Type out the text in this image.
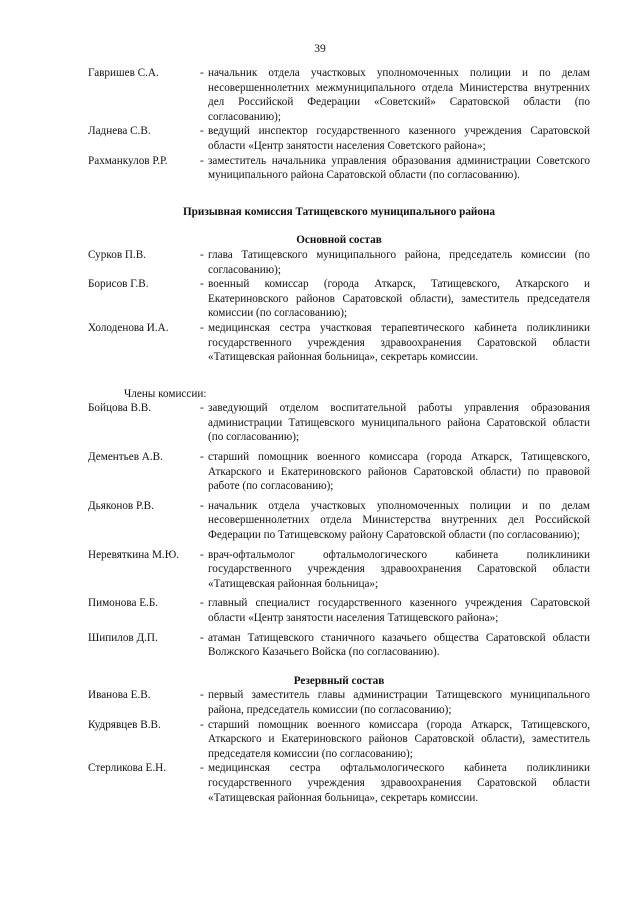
39
Гавришев С.А.	- начальник отдела участковых уполномоченных полиции и по делам несовершеннолетних межмуниципального отдела Министерства внутренних дел Российской Федерации «Советский» Саратовской области (по согласованию);
Ладнева С.В.	- ведущий инспектор государственного казенного учреждения Саратовской области «Центр занятости населения Советского района»;
Рахманкулов Р.Р.	- заместитель начальника управления образования администрации Советского муниципального района Саратовской области (по согласованию).
Призывная комиссия Татищевского муниципального района
Основной состав
Сурков П.В.	- глава Татищевского муниципального района, председатель комиссии (по согласованию);
Борисов Г.В.	- военный комиссар (города Аткарск, Татищевского, Аткарского и Екатериновского районов Саратовской области), заместитель председателя комиссии (по согласованию);
Холоденова И.А.	- медицинская сестра участковая терапевтического кабинета поликлиники государственного учреждения здравоохранения Саратовской области «Татищевская районная больница», секретарь комиссии.
Члены комиссии:
Бойцова В.В.	- заведующий отделом воспитательной работы управления образования администрации Татищевского муниципального района Саратовской области (по согласованию);
Дементьев А.В.	- старший помощник военного комиссара (города Аткарск, Татищевского, Аткарского и Екатериновского районов Саратовской области) по правовой работе (по согласованию);
Дьяконов Р.В.	- начальник отдела участковых уполномоченных полиции и по делам несовершеннолетних отдела Министерства внутренних дел Российской Федерации по Татищевскому району Саратовской области (по согласованию);
Неревяткина М.Ю.	- врач-офтальмолог офтальмологического кабинета поликлиники государственного учреждения здравоохранения Саратовской области «Татищевская районная больница»;
Пимонова Е.Б.	- главный специалист государственного казенного учреждения Саратовской области «Центр занятости населения Татищевского района»;
Шипилов Д.П.	- атаман Татищевского станичного казачьего общества Саратовской области Волжского Казачьего Войска (по согласованию).
Резервный состав
Иванова Е.В.	- первый заместитель главы администрации Татищевского муниципального района, председатель комиссии (по согласованию);
Кудрявцев В.В.	- старший помощник военного комиссара (города Аткарск, Татищевского, Аткарского и Екатериновского районов Саратовской области), заместитель председателя комиссии (по согласованию);
Стерликова Е.Н.	- медицинская сестра офтальмологического кабинета поликлиники государственного учреждения здравоохранения Саратовской области «Татищевская районная больница», секретарь комиссии.
